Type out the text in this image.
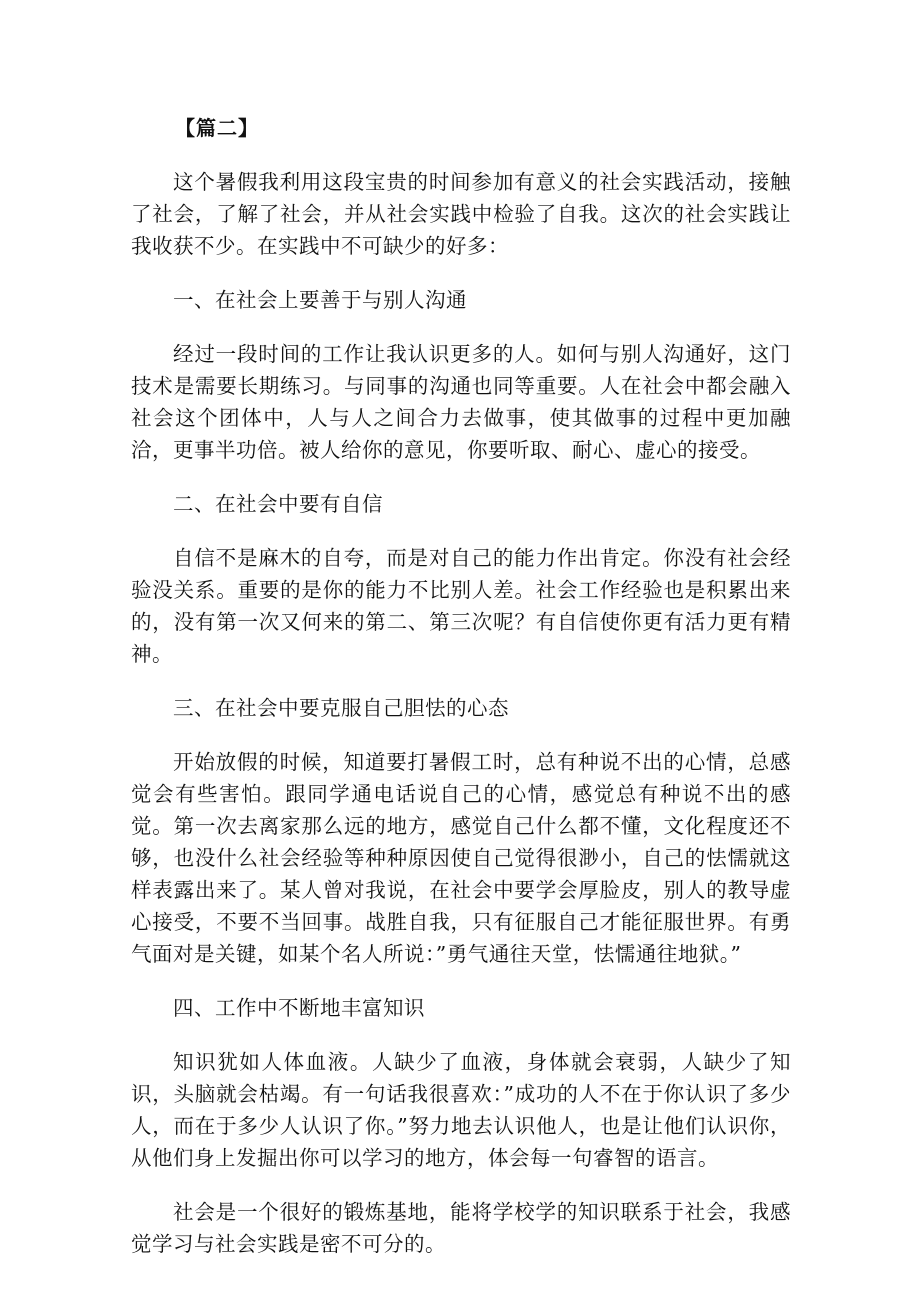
【篇二】

这个暑假我利用这段宝贵的时间参加有意义的社会实践活动，接触了社会，了解了社会，并从社会实践中检验了自我。这次的社会实践让我收获不少。在实践中不可缺少的好多：

一、在社会上要善于与别人沟通

经过一段时间的工作让我认识更多的人。如何与别人沟通好，这门技术是需要长期练习。与同事的沟通也同等重要。人在社会中都会融入社会这个团体中，人与人之间合力去做事，使其做事的过程中更加融洽，更事半功倍。被人给你的意见，你要听取、耐心、虚心的接受。

二、在社会中要有自信

自信不是麻木的自夸，而是对自己的能力作出肯定。你没有社会经验没关系。重要的是你的能力不比别人差。社会工作经验也是积累出来的，没有第一次又何来的第二、第三次呢？有自信使你更有活力更有精神。

三、在社会中要克服自己胆怯的心态

开始放假的时候，知道要打暑假工时，总有种说不出的心情，总感觉会有些害怕。跟同学通电话说自己的心情，感觉总有种说不出的感觉。第一次去离家那么远的地方，感觉自己什么都不懂，文化程度还不够，也没什么社会经验等种种原因使自己觉得很渺小，自己的怯懦就这样表露出来了。某人曾对我说，在社会中要学会厚脸皮，别人的教导虚心接受，不要不当回事。战胜自我，只有征服自己才能征服世界。有勇气面对是关键，如某个名人所说：”勇气通往天堂，怯懦通往地狱。”

四、工作中不断地丰富知识

知识犹如人体血液。人缺少了血液，身体就会衰弱，人缺少了知识，头脑就会枯竭。有一句话我很喜欢：”成功的人不在于你认识了多少人，而在于多少人认识了你。”努力地去认识他人，也是让他们认识你，从他们身上发掘出你可以学习的地方，体会每一句睿智的语言。

社会是一个很好的锻炼基地，能将学校学的知识联系于社会，我感觉学习与社会实践是密不可分的。
